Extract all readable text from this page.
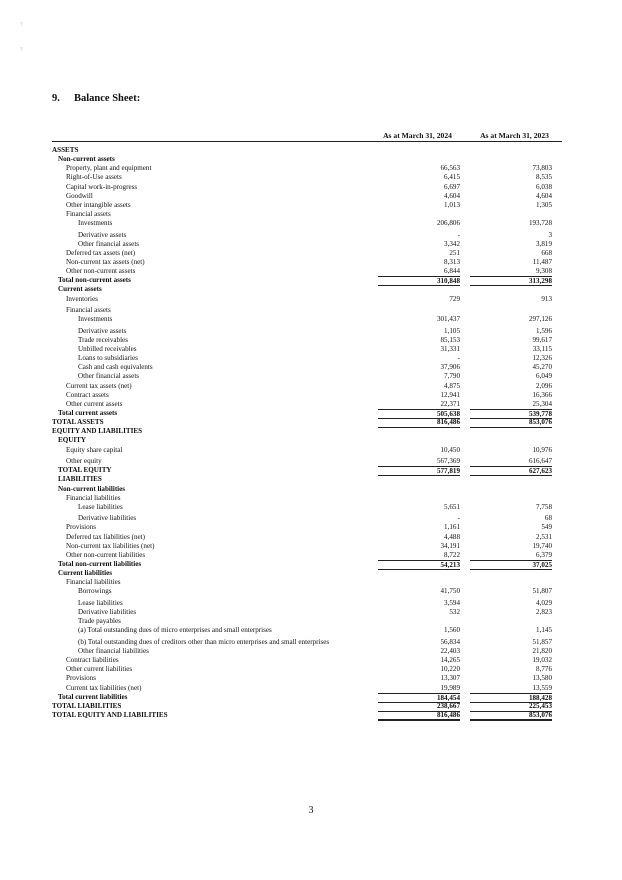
?
?
9. Balance Sheet:
As at March 31, 2024	As at March 31, 2023
ASSETS
Non-current assets
Property, plant and equipment	66,563	73,803
Right-of-Use assets	6,415	8,535
Capital work-in-progress	6,697	6,038
Goodwill	4,604	4,604
Other intangible assets	1,013	1,305
Financial assets
Investments	206,806	193,728
Derivative assets	-	3
Other financial assets	3,342	3,819
Deferred tax assets (net)	251	668
Non-current tax assets (net)	8,313	11,487
Other non-current assets	6,844	9,308
Total non-current assets	310,848	313,298
Current assets
Inventories	729	913
Financial assets
Investments	301,437	297,126
Derivative assets	1,105	1,596
Trade receivables	85,153	99,617
Unbilled receivables	31,331	33,115
Loans to subsidiaries	-	12,326
Cash and cash equivalents	37,906	45,270
Other financial assets	7,790	6,049
Current tax assets (net)	4,875	2,096
Contract assets	12,941	16,366
Other current assets	22,371	25,304
Total current assets	505,638	539,778
TOTAL ASSETS	816,486	853,076
EQUITY AND LIABILITIES
EQUITY
Equity share capital	10,450	10,976
Other equity	567,369	616,647
TOTAL EQUITY	577,819	627,623
LIABILITIES
Non-current liabilities
Financial liabilities
Lease liabilities	5,651	7,758
Derivative liabilities	-	68
Provisions	1,161	549
Deferred tax liabilities (net)	4,488	2,531
Non-current tax liabilities (net)	34,191	19,740
Other non-current liabilities	8,722	6,379
Total non-current liabilities	54,213	37,025
Current liabilities
Financial liabilities
Borrowings	41,750	51,807
Lease liabilities	3,594	4,029
Derivative liabilities	532	2,823
Trade payables
(a) Total outstanding dues of micro enterprises and small enterprises	1,560	1,145
(b) Total outstanding dues of creditors other than micro enterprises and small enterprises	56,834	51,857
Other financial liabilities	22,403	21,820
Contract liabilities	14,265	19,032
Other current liabilities	10,220	8,776
Provisions	13,307	13,580
Current tax liabilities (net)	19,989	13,559
Total current liabilities	184,454	188,428
TOTAL LIABILITIES	238,667	225,453
TOTAL EQUITY AND LIABILITIES	816,486	853,076
3
